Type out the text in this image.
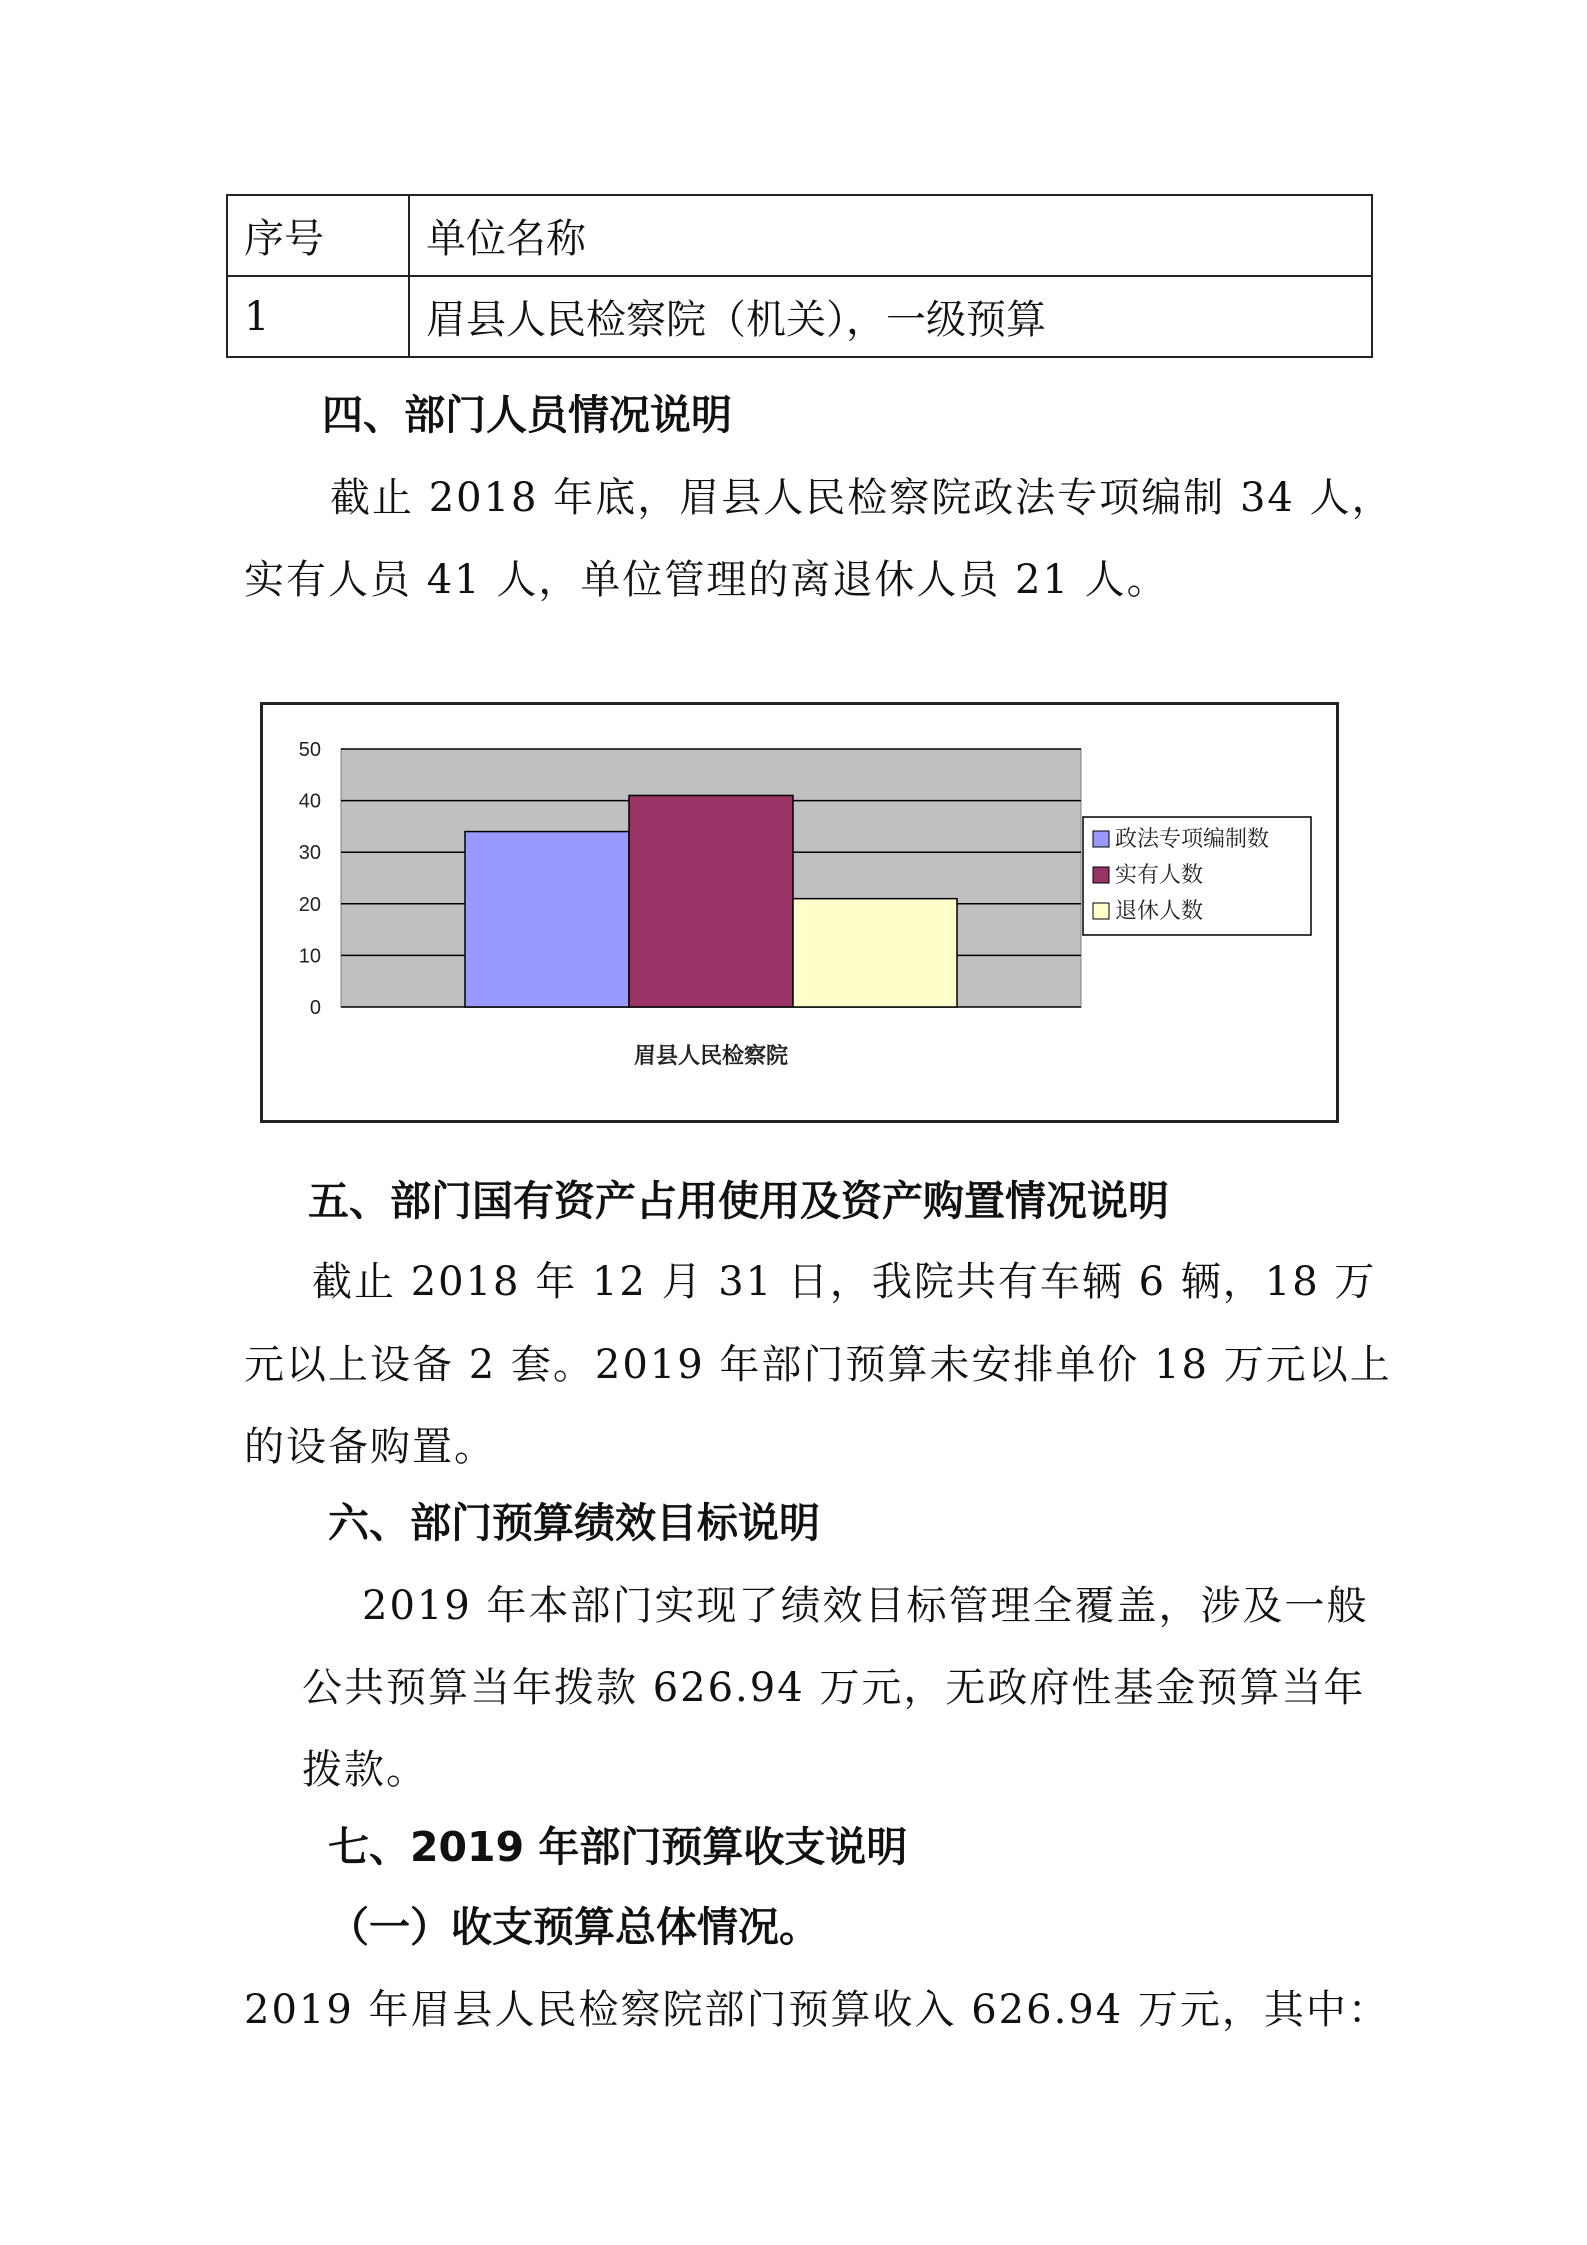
序号	单位名称
1	眉县人民检察院（机关），一级预算
四、部门人员情况说明
截止 2018 年底，眉县人民检察院政法专项编制 34 人，
实有人员 41 人，单位管理的离退休人员 21 人。
0
10
20
30
40
50
眉县人民检察院
政法专项编制数
实有人数
退休人数
五、部门国有资产占用使用及资产购置情况说明
截止 2018 年 12 月 31 日，我院共有车辆 6 辆，18 万
元以上设备 2 套。2019 年部门预算未安排单价 18 万元以上
的设备购置。
六、部门预算绩效目标说明
2019 年本部门实现了绩效目标管理全覆盖，涉及一般
公共预算当年拨款 626.94 万元，无政府性基金预算当年
拨款。
七、2019 年部门预算收支说明
（一）收支预算总体情况。
2019 年眉县人民检察院部门预算收入 626.94 万元，其中：
